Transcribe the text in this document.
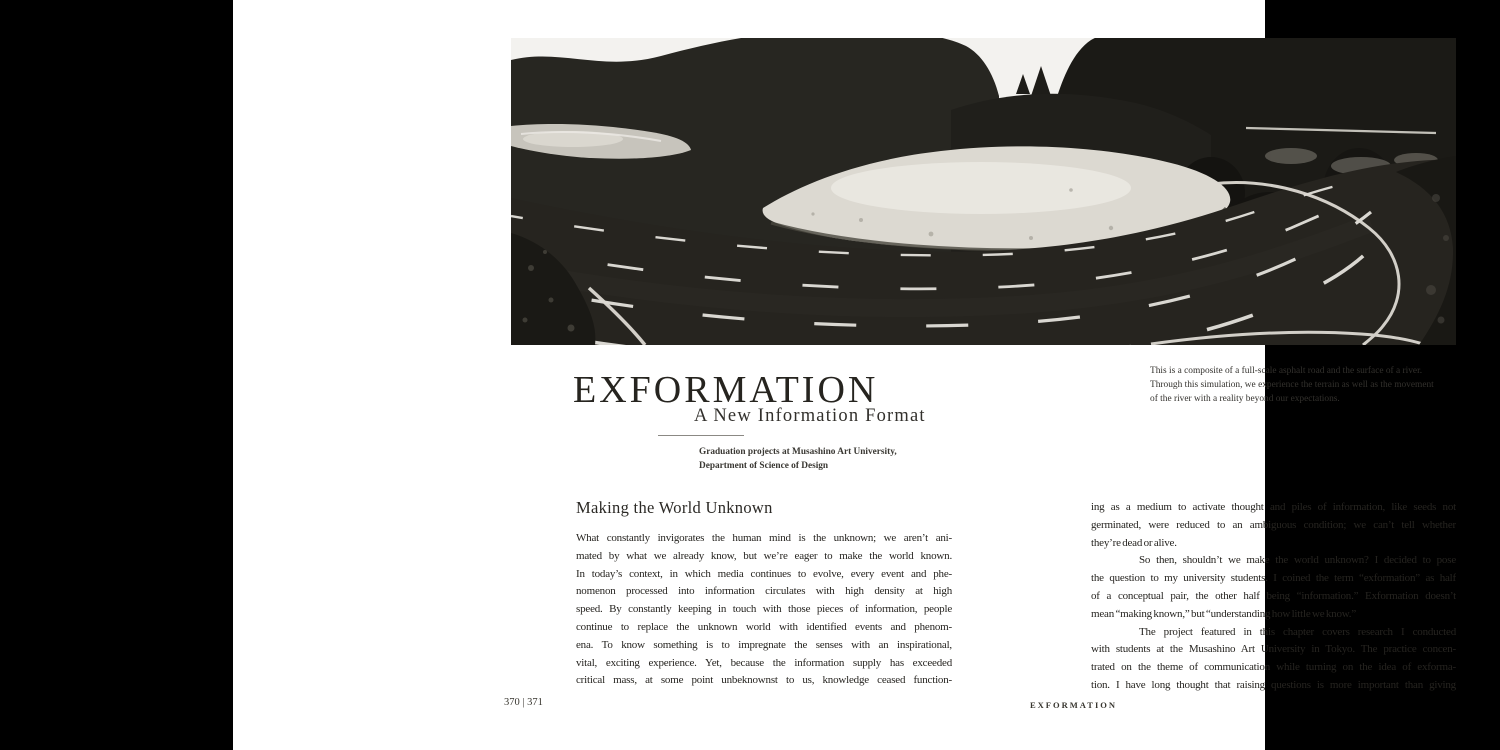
EXFORMATION
A New Information Format
Graduation projects at Musashino Art University,
Department of Science of Design
This is a composite of a full-scale asphalt road and the surface of a river.
Through this simulation, we experience the terrain as well as the movement
of the river with a reality beyond our expectations.
Making the World Unknown
What constantly invigorates the human mind is the unknown; we aren’t ani-
mated by what we already know, but we’re eager to make the world known.
In today’s context, in which media continues to evolve, every event and phe-
nomenon processed into information circulates with high density at high
speed. By constantly keeping in touch with those pieces of information, people
continue to replace the unknown world with identified events and phenom-
ena. To know something is to impregnate the senses with an inspirational,
vital, exciting experience. Yet, because the information supply has exceeded
critical mass, at some point unbeknownst to us, knowledge ceased function-
ing as a medium to activate thought and piles of information, like seeds not
germinated, were reduced to an ambiguous condition; we can’t tell whether
they’re dead or alive.
So then, shouldn’t we make the world unknown? I decided to pose
the question to my university students. I coined the term “exformation” as half
of a conceptual pair, the other half being “information.” Exformation doesn’t
mean “making known,” but “understanding how little we know.”
The project featured in this chapter covers research I conducted
with students at the Musashino Art University in Tokyo. The practice concen-
trated on the theme of communication while turning on the idea of exforma-
tion. I have long thought that raising questions is more important than giving
370 | 371	EXFORMATION
